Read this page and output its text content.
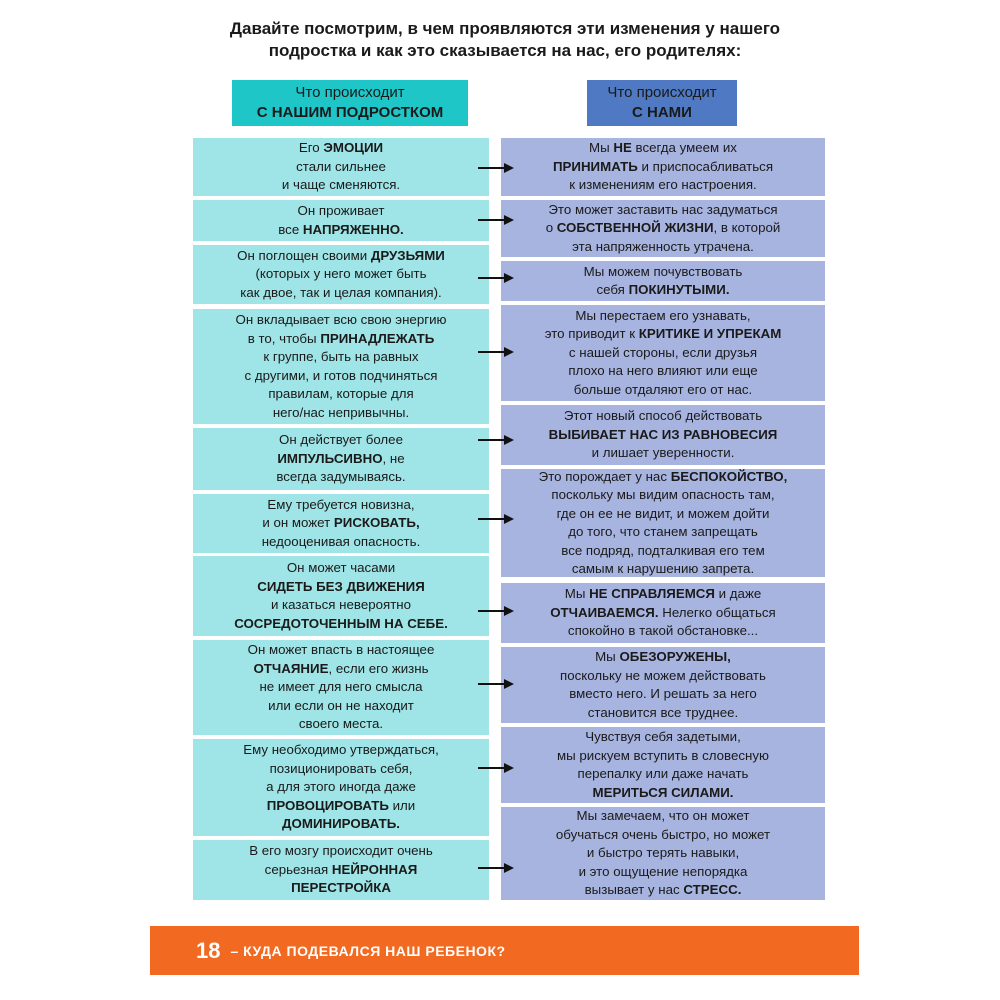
Давайте посмотрим, в чем проявляются эти изменения у нашего
подростка и как это сказывается на нас, его родителях:
Что происходит
С НАШИМ ПОДРОСТКОМ
Что происходит
С НАМИ
Его ЭМОЦИИ
стали сильнее
и чаще сменяются.
Он проживает
все НАПРЯЖЕННО.
Он поглощен своими ДРУЗЬЯМИ
(которых у него может быть
как двое, так и целая компания).
Он вкладывает всю свою энергию
в то, чтобы ПРИНАДЛЕЖАТЬ
к группе, быть на равных
с другими, и готов подчиняться
правилам, которые для
него/нас непривычны.
Он действует более
ИМПУЛЬСИВНО, не
всегда задумываясь.
Ему требуется новизна,
и он может РИСКОВАТЬ,
недооценивая опасность.
Он может часами
СИДЕТЬ БЕЗ ДВИЖЕНИЯ
и казаться невероятно
СОСРЕДОТОЧЕННЫМ НА СЕБЕ.
Он может впасть в настоящее
ОТЧАЯНИЕ, если его жизнь
не имеет для него смысла
или если он не находит
своего места.
Ему необходимо утверждаться,
позиционировать себя,
а для этого иногда даже
ПРОВОЦИРОВАТЬ или
ДОМИНИРОВАТЬ.
В его мозгу происходит очень
серьезная НЕЙРОННАЯ
ПЕРЕСТРОЙКА
Мы НЕ всегда умеем их
ПРИНИМАТЬ и приспосабливаться
к изменениям его настроения.
Это может заставить нас задуматься
о СОБСТВЕННОЙ ЖИЗНИ, в которой
эта напряженность утрачена.
Мы можем почувствовать
себя ПОКИНУТЫМИ.
Мы перестаем его узнавать,
это приводит к КРИТИКЕ И УПРЕКАМ
с нашей стороны, если друзья
плохо на него влияют или еще
больше отдаляют его от нас.
Этот новый способ действовать
ВЫБИВАЕТ НАС ИЗ РАВНОВЕСИЯ
и лишает уверенности.
Это порождает у нас БЕСПОКОЙСТВО,
поскольку мы видим опасность там,
где он ее не видит, и можем дойти
до того, что станем запрещать
все подряд, подталкивая его тем
самым к нарушению запрета.
Мы НЕ СПРАВЛЯЕМСЯ и даже
ОТЧАИВАЕМСЯ. Нелегко общаться
спокойно в такой обстановке...
Мы ОБЕЗОРУЖЕНЫ,
поскольку не можем действовать
вместо него. И решать за него
становится все труднее.
Чувствуя себя задетыми,
мы рискуем вступить в словесную
перепалку или даже начать
МЕРИТЬСЯ СИЛАМИ.
Мы замечаем, что он может
обучаться очень быстро, но может
и быстро терять навыки,
и это ощущение непорядка
вызывает у нас СТРЕСС.
18 – КУДА ПОДЕВАЛСЯ НАШ РЕБЕНОК?
